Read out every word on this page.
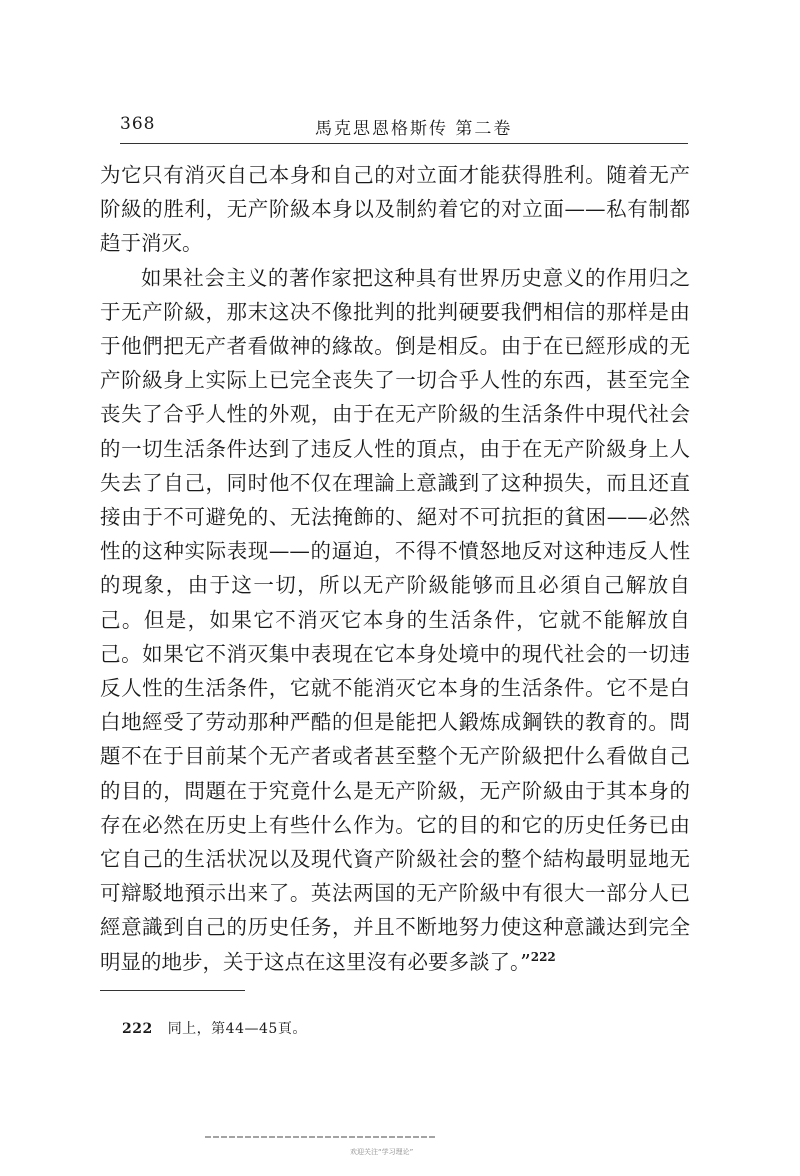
368	馬克思恩格斯传 第二卷

为它只有消灭自己本身和自己的对立面才能获得胜利。随着无产阶級的胜利，无产阶級本身以及制約着它的对立面——私有制都趋于消灭。

如果社会主义的著作家把这种具有世界历史意义的作用归之于无产阶級，那末这决不像批判的批判硬要我們相信的那样是由于他們把无产者看做神的緣故。倒是相反。由于在已經形成的无产阶級身上实际上已完全丧失了一切合乎人性的东西，甚至完全丧失了合乎人性的外观，由于在无产阶級的生活条件中現代社会的一切生活条件达到了违反人性的頂点，由于在无产阶級身上人失去了自己，同时他不仅在理論上意識到了这种损失，而且还直接由于不可避免的、无法掩飾的、絕对不可抗拒的貧困——必然性的这种实际表现——的逼迫，不得不憤怒地反对这种违反人性的現象，由于这一切，所以无产阶級能够而且必須自己解放自己。但是，如果它不消灭它本身的生活条件，它就不能解放自己。如果它不消灭集中表現在它本身处境中的現代社会的一切违反人性的生活条件，它就不能消灭它本身的生活条件。它不是白白地經受了劳动那种严酷的但是能把人鍛炼成鋼铁的教育的。問題不在于目前某个无产者或者甚至整个无产阶級把什么看做自己的目的，問題在于究竟什么是无产阶級，无产阶級由于其本身的存在必然在历史上有些什么作为。它的目的和它的历史任务已由它自己的生活状况以及現代資产阶級社会的整个結构最明显地无可辯駁地預示出来了。英法两国的无产阶級中有很大一部分人已經意識到自己的历史任务，并且不断地努力使这种意識达到完全明显的地步，关于这点在这里沒有必要多談了。”$^{222}$

222 同上，第44—45頁。
欢迎关注“学习理论”
